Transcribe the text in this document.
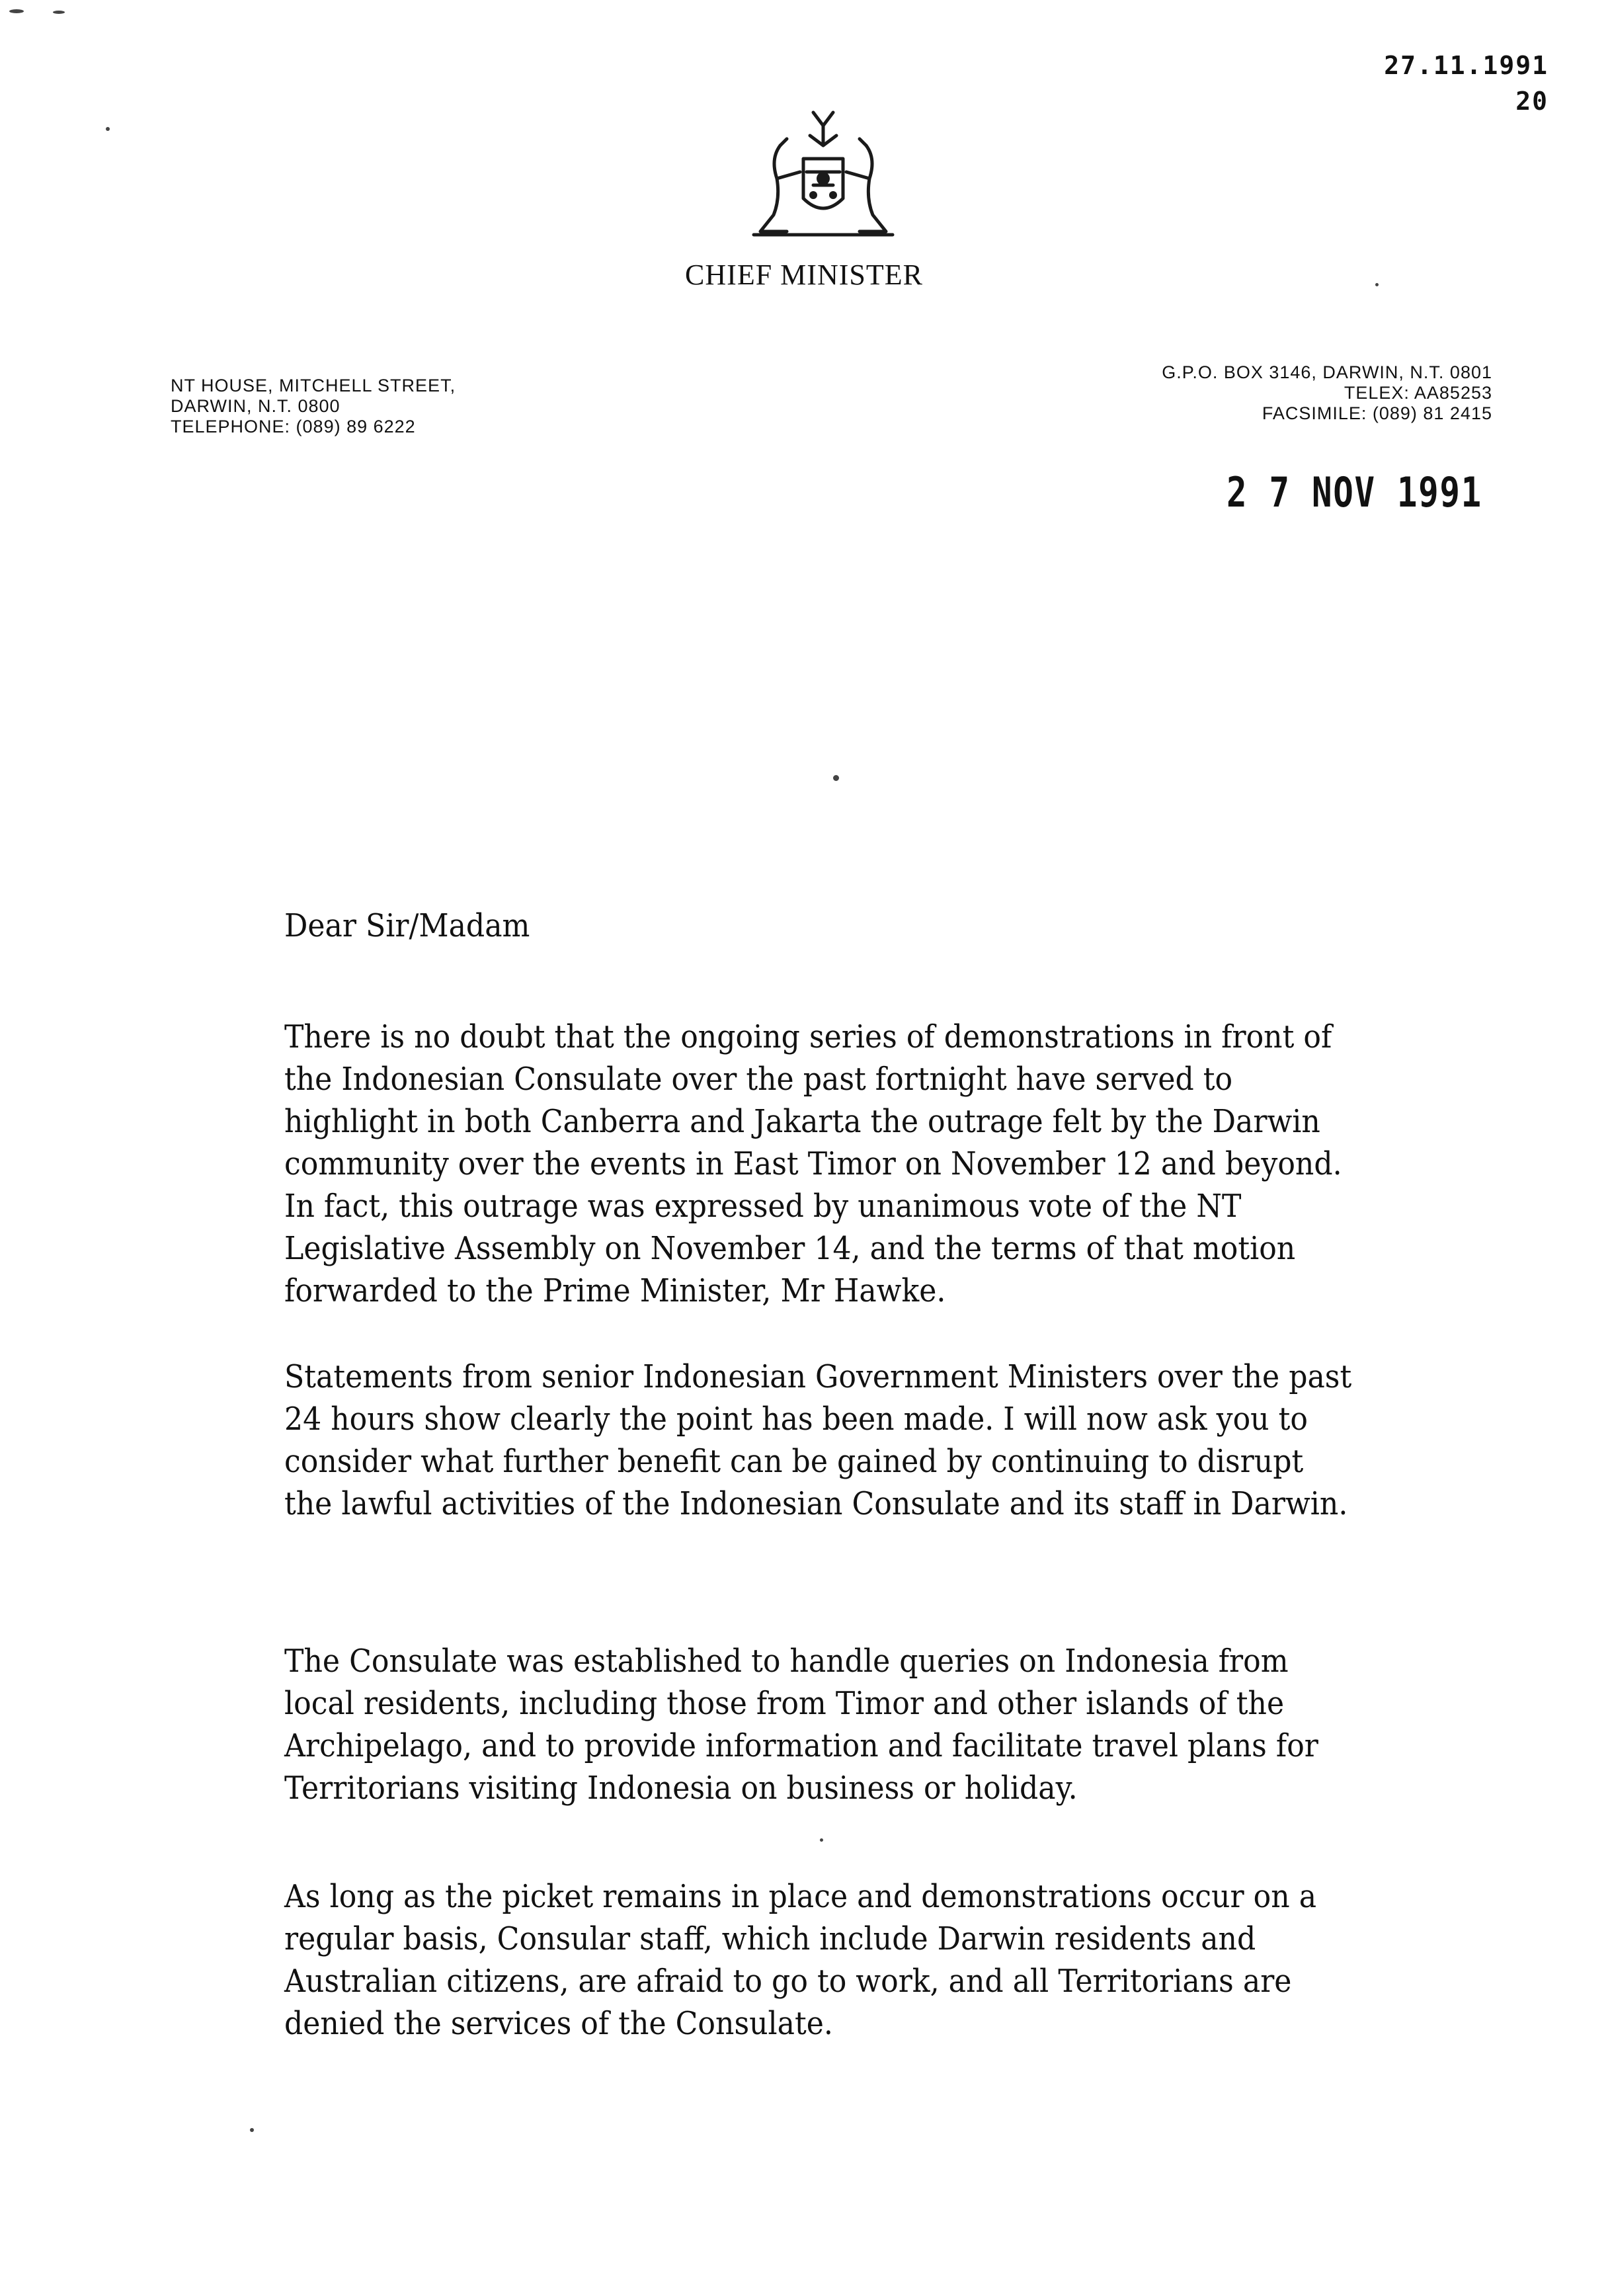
27.11.1991
20
CHIEF MINISTER
NT HOUSE, MITCHELL STREET,
DARWIN, N.T. 0800
TELEPHONE: (089) 89 6222
G.P.O. BOX 3146, DARWIN, N.T. 0801
TELEX: AA85253
FACSIMILE: (089) 81 2415
2 7 NOV 1991
Dear Sir/Madam

There is no doubt that the ongoing series of demonstrations in front of the Indonesian Consulate over the past fortnight have served to highlight in both Canberra and Jakarta the outrage felt by the Darwin community over the events in East Timor on November 12 and beyond. In fact, this outrage was expressed by unanimous vote of the NT Legislative Assembly on November 14, and the terms of that motion forwarded to the Prime Minister, Mr Hawke.

Statements from senior Indonesian Government Ministers over the past 24 hours show clearly the point has been made. I will now ask you to consider what further benefit can be gained by continuing to disrupt the lawful activities of the Indonesian Consulate and its staff in Darwin.

The Consulate was established to handle queries on Indonesia from local residents, including those from Timor and other islands of the Archipelago, and to provide information and facilitate travel plans for Territorians visiting Indonesia on business or holiday.

As long as the picket remains in place and demonstrations occur on a regular basis, Consular staff, which include Darwin residents and Australian citizens, are afraid to go to work, and all Territorians are denied the services of the Consulate.
